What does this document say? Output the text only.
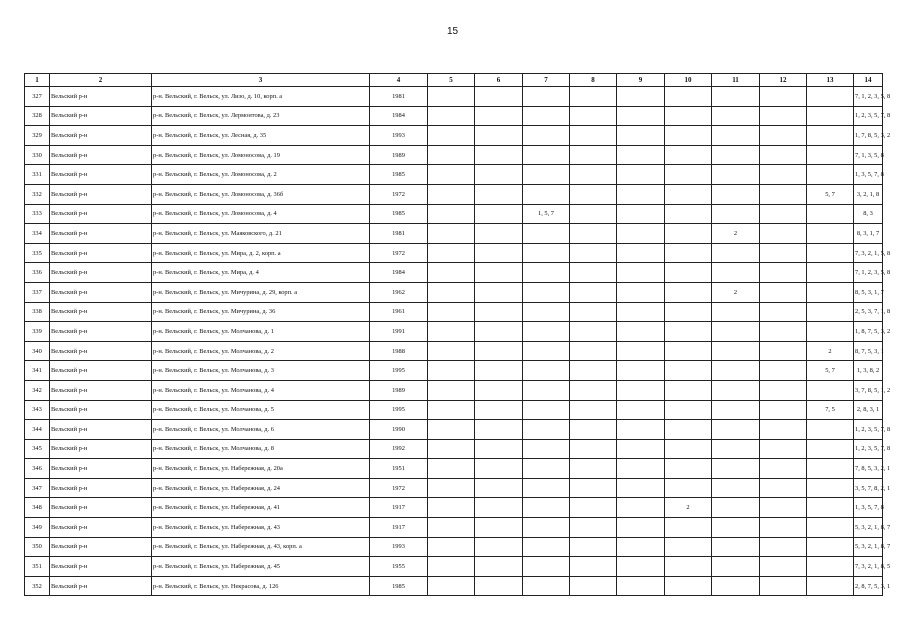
15
1	2	3	4	5	6	7	8	9	10	11	12	13	14
327	Вельский р-н	р-н. Вельский, г. Вельск, ул. Лизо, д. 10, корп. а	1981										7, 1, 2, 3, 5, 8
328	Вельский р-н	р-н. Вельский, г. Вельск, ул. Лермонтова, д. 23	1984										1, 2, 3, 5, 7, 8
329	Вельский р-н	р-н. Вельский, г. Вельск, ул. Лесная, д. 35	1993										1, 7, 8, 5, 3, 2
330	Вельский р-н	р-н. Вельский, г. Вельск, ул. Ломоносова, д. 19	1989										7, 1, 3, 5, 8
331	Вельский р-н	р-н. Вельский, г. Вельск, ул. Ломоносова, д. 2	1985										1, 3, 5, 7, 8
332	Вельский р-н	р-н. Вельский, г. Вельск, ул. Ломоносова, д. 36б	1972									5, 7	3, 2, 1, 8
333	Вельский р-н	р-н. Вельский, г. Вельск, ул. Ломоносова, д. 4	1985			1, 5, 7							8, 3
334	Вельский р-н	р-н. Вельский, г. Вельск, ул. Маяковского, д. 21	1981							2			8, 3, 1, 7
335	Вельский р-н	р-н. Вельский, г. Вельск, ул. Мира, д. 2, корп. а	1972										7, 3, 2, 1, 5, 8
336	Вельский р-н	р-н. Вельский, г. Вельск, ул. Мира, д. 4	1984										7, 1, 2, 3, 5, 8
337	Вельский р-н	р-н. Вельский, г. Вельск, ул. Мичурина, д. 29, корп. а	1962							2			8, 5, 3, 1, 7
338	Вельский р-н	р-н. Вельский, г. Вельск, ул. Мичурина, д. 36	1961										2, 5, 3, 7, 1, 8
339	Вельский р-н	р-н. Вельский, г. Вельск, ул. Молчанова, д. 1	1991										1, 8, 7, 5, 3, 2
340	Вельский р-н	р-н. Вельский, г. Вельск, ул. Молчанова, д. 2	1988									2	8, 7, 5, 3, 1
341	Вельский р-н	р-н. Вельский, г. Вельск, ул. Молчанова, д. 3	1995									5, 7	1, 3, 8, 2
342	Вельский р-н	р-н. Вельский, г. Вельск, ул. Молчанова, д. 4	1989										3, 7, 8, 5, 1, 2
343	Вельский р-н	р-н. Вельский, г. Вельск, ул. Молчанова, д. 5	1995									7, 5	2, 8, 3, 1
344	Вельский р-н	р-н. Вельский, г. Вельск, ул. Молчанова, д. 6	1990										1, 2, 3, 5, 7, 8
345	Вельский р-н	р-н. Вельский, г. Вельск, ул. Молчанова, д. 8	1992										1, 2, 3, 5, 7, 8
346	Вельский р-н	р-н. Вельский, г. Вельск, ул. Набережная, д. 20а	1951										7, 8, 5, 3, 2, 1
347	Вельский р-н	р-н. Вельский, г. Вельск, ул. Набережная, д. 24	1972										3, 5, 7, 8, 2, 1
348	Вельский р-н	р-н. Вельский, г. Вельск, ул. Набережная, д. 41	1917						2				1, 3, 5, 7, 8
349	Вельский р-н	р-н. Вельский, г. Вельск, ул. Набережная, д. 43	1917										5, 3, 2, 1, 8, 7
350	Вельский р-н	р-н. Вельский, г. Вельск, ул. Набережная, д. 43, корп. а	1993										5, 3, 2, 1, 8, 7
351	Вельский р-н	р-н. Вельский, г. Вельск, ул. Набережная, д. 45	1955										7, 3, 2, 1, 8, 5
352	Вельский р-н	р-н. Вельский, г. Вельск, ул. Некрасова, д. 126	1985										2, 8, 7, 5, 3, 1
